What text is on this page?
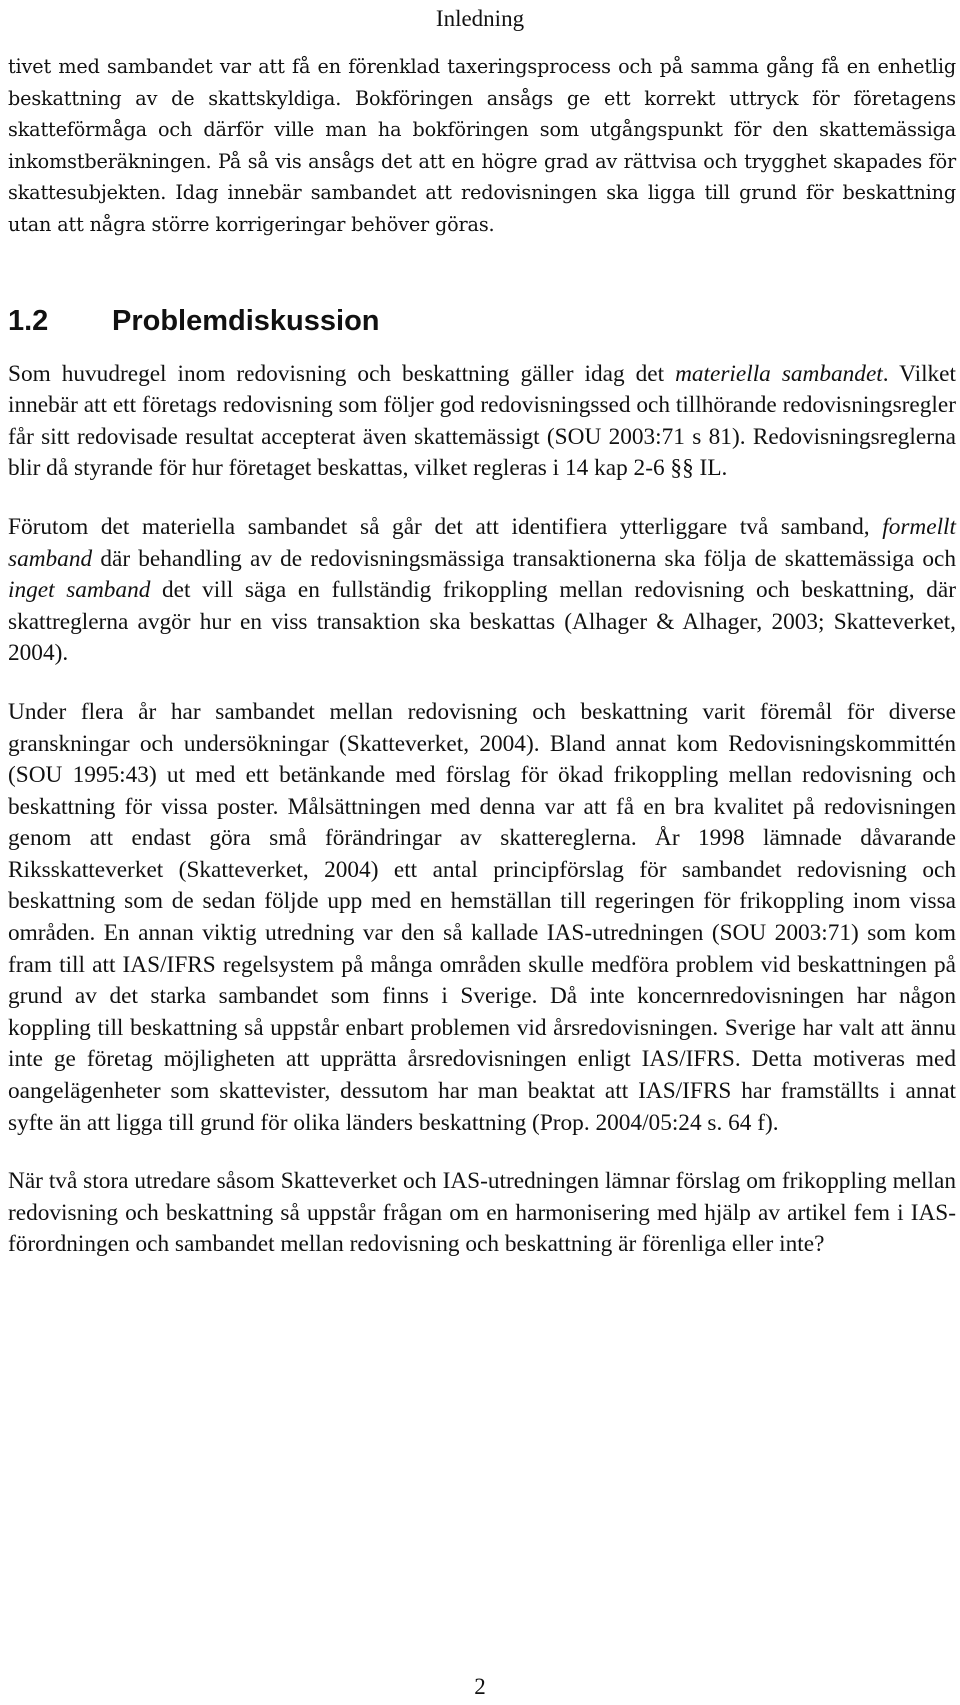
Inledning

tivet med sambandet var att få en förenklad taxeringsprocess och på samma gång få en enhetlig beskattning av de skattskyldiga. Bokföringen ansågs ge ett korrekt uttryck för företagens skatteförmåga och därför ville man ha bokföringen som utgångspunkt för den skattemässiga inkomstberäkningen. På så vis ansågs det att en högre grad av rättvisa och trygghet skapades för skattesubjekten. Idag innebär sambandet att redovisningen ska ligga till grund för beskattning utan att några större korrigeringar behöver göras.

1.2 Problemdiskussion

Som huvudregel inom redovisning och beskattning gäller idag det materiella sambandet. Vilket innebär att ett företags redovisning som följer god redovisningssed och tillhörande redovisningsregler får sitt redovisade resultat accepterat även skattemässigt (SOU 2003:71 s 81). Redovisningsreglerna blir då styrande för hur företaget beskattas, vilket regleras i 14 kap 2-6 §§ IL.

Förutom det materiella sambandet så går det att identifiera ytterliggare två samband, formellt samband där behandling av de redovisningsmässiga transaktionerna ska följa de skattemässiga och inget samband det vill säga en fullständig frikoppling mellan redovisning och beskattning, där skattreglerna avgör hur en viss transaktion ska beskattas (Alhager & Alhager, 2003; Skatteverket, 2004).

Under flera år har sambandet mellan redovisning och beskattning varit föremål för diverse granskningar och undersökningar (Skatteverket, 2004). Bland annat kom Redovisningskommittén (SOU 1995:43) ut med ett betänkande med förslag för ökad frikoppling mellan redovisning och beskattning för vissa poster. Målsättningen med denna var att få en bra kvalitet på redovisningen genom att endast göra små förändringar av skattereglerna. År 1998 lämnade dåvarande Riksskatteverket (Skatteverket, 2004) ett antal principförslag för sambandet redovisning och beskattning som de sedan följde upp med en hemställan till regeringen för frikoppling inom vissa områden. En annan viktig utredning var den så kallade IAS-utredningen (SOU 2003:71) som kom fram till att IAS/IFRS regelsystem på många områden skulle medföra problem vid beskattningen på grund av det starka sambandet som finns i Sverige. Då inte koncernredovisningen har någon koppling till beskattning så uppstår enbart problemen vid årsredovisningen. Sverige har valt att ännu inte ge företag möjligheten att upprätta årsredovisningen enligt IAS/IFRS. Detta motiveras med oangelägenheter som skattevister, dessutom har man beaktat att IAS/IFRS har framställts i annat syfte än att ligga till grund för olika länders beskattning (Prop. 2004/05:24 s. 64 f).

När två stora utredare såsom Skatteverket och IAS-utredningen lämnar förslag om frikoppling mellan redovisning och beskattning så uppstår frågan om en harmonisering med hjälp av artikel fem i IAS-förordningen och sambandet mellan redovisning och beskattning är förenliga eller inte?

2
